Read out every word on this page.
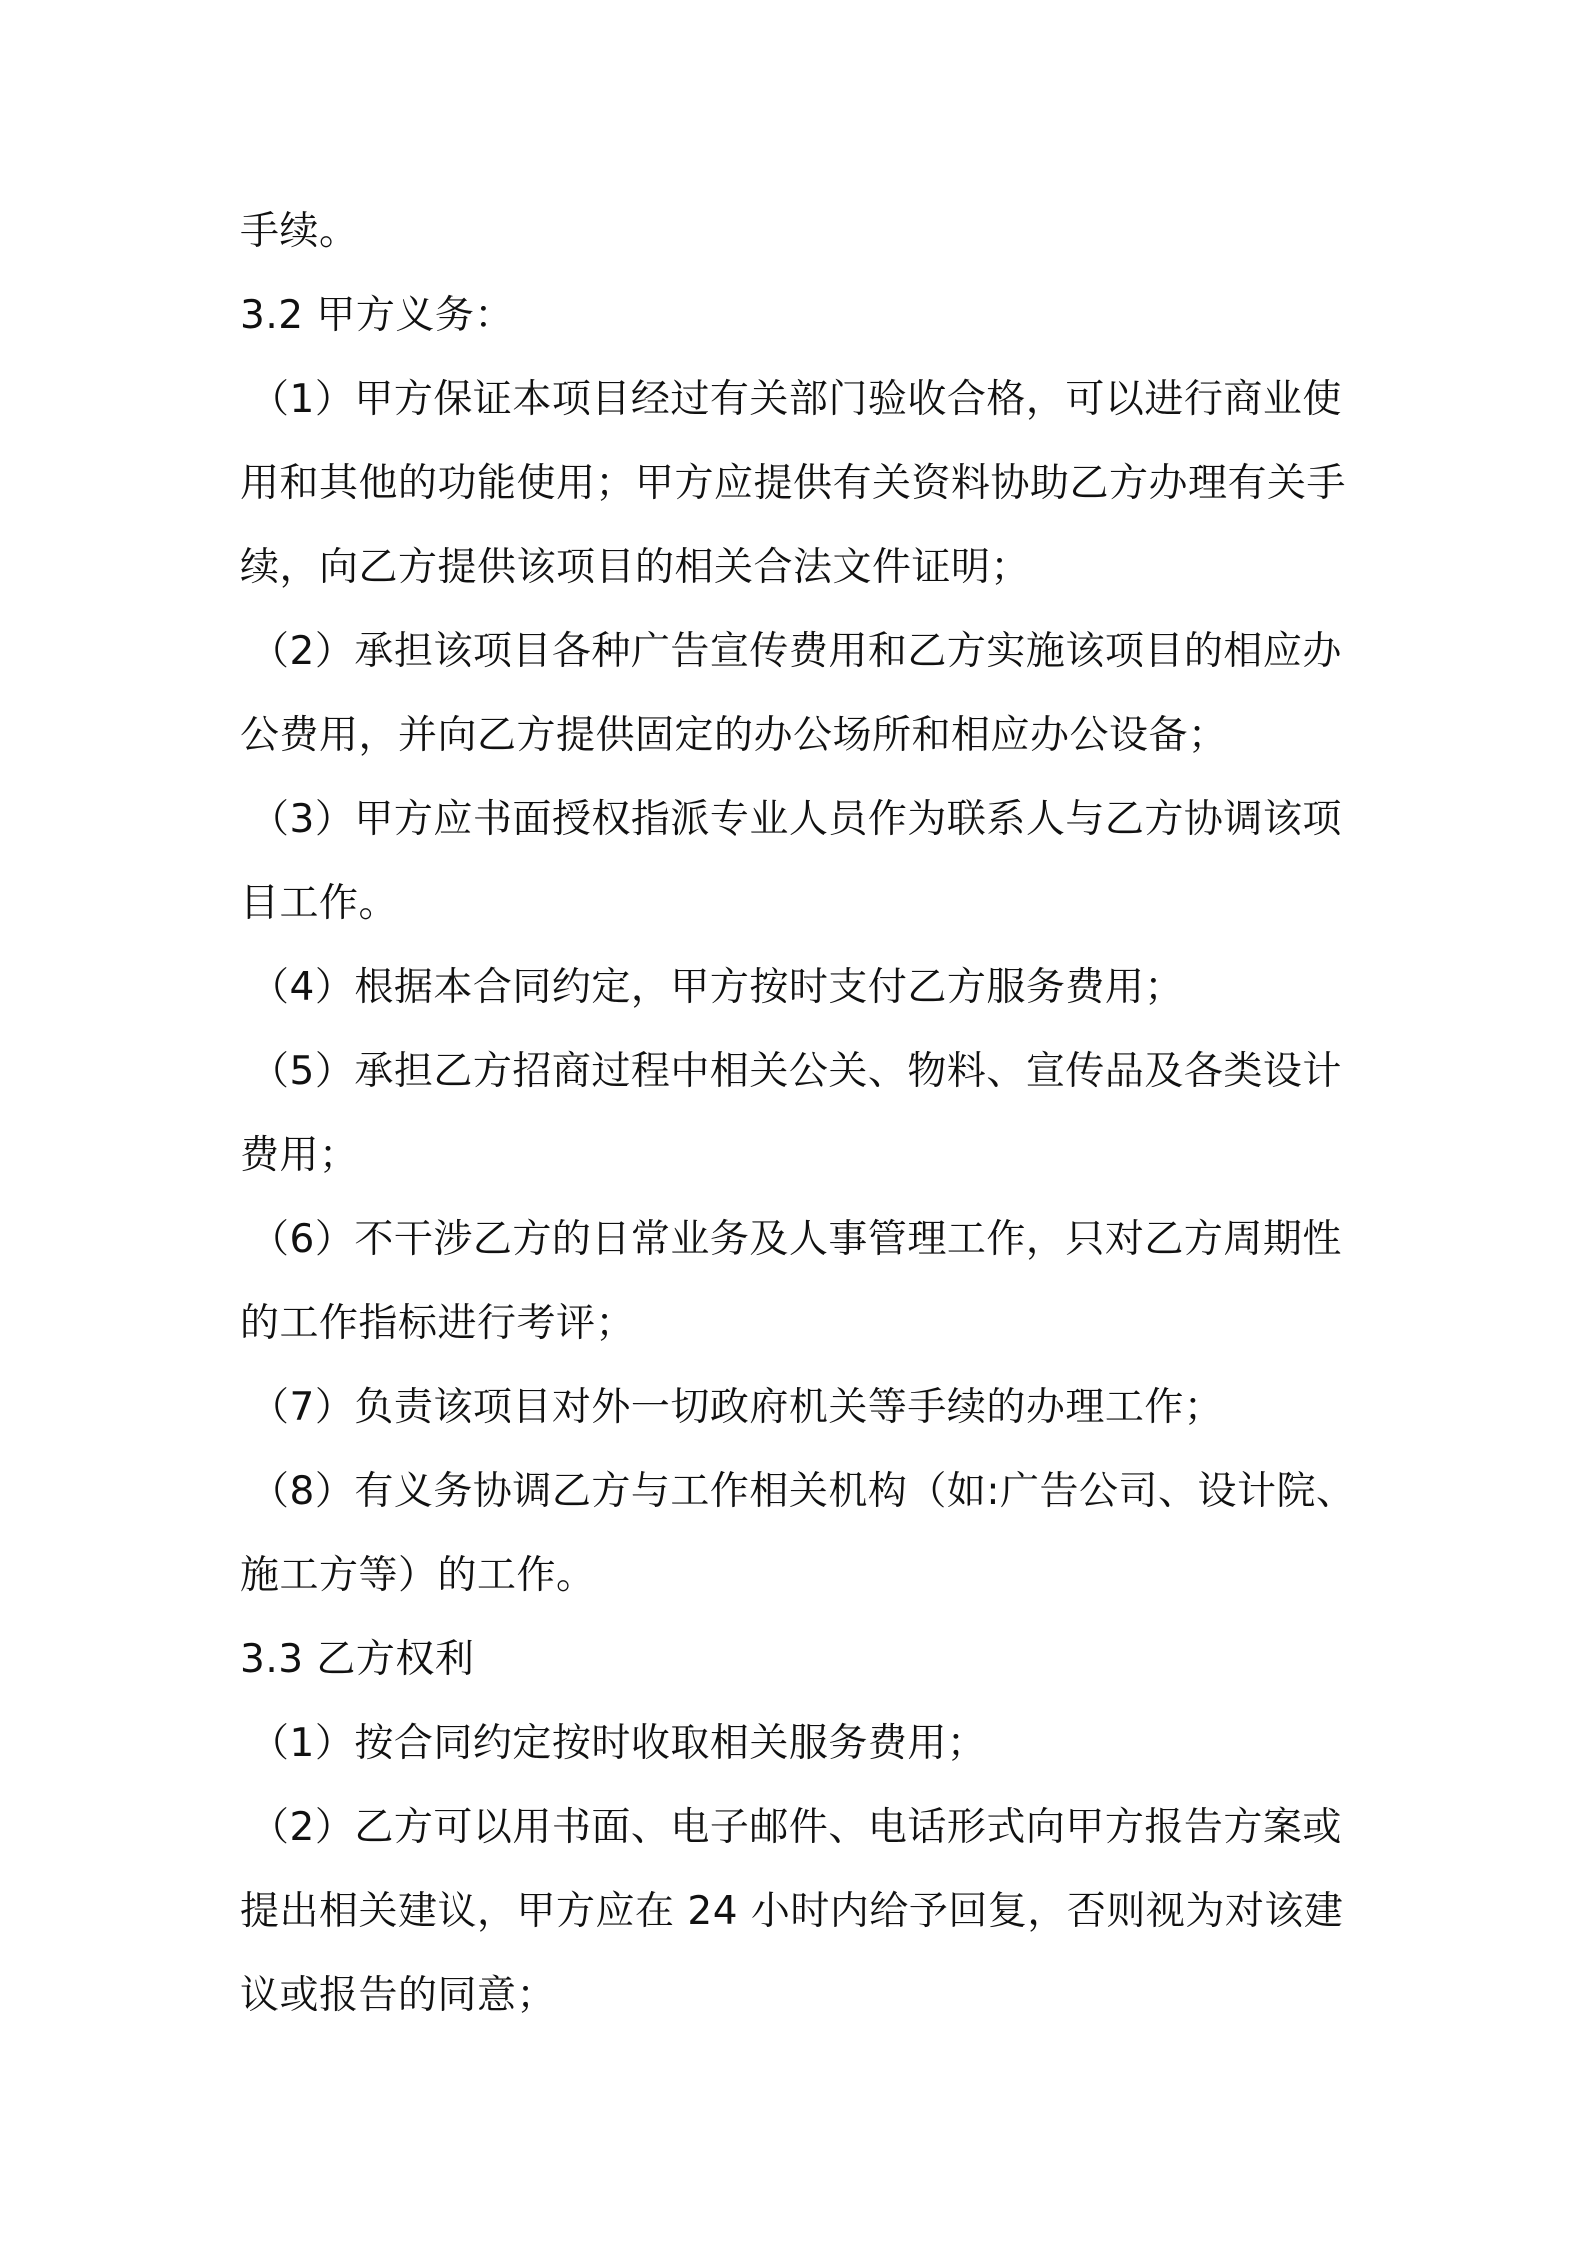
手续。
3.2 甲方义务：
（1）甲方保证本项目经过有关部门验收合格，可以进行商业使
用和其他的功能使用；甲方应提供有关资料协助乙方办理有关手
续，向乙方提供该项目的相关合法文件证明；
（2）承担该项目各种广告宣传费用和乙方实施该项目的相应办
公费用，并向乙方提供固定的办公场所和相应办公设备；
（3）甲方应书面授权指派专业人员作为联系人与乙方协调该项
目工作。
（4）根据本合同约定，甲方按时支付乙方服务费用；
（5）承担乙方招商过程中相关公关、物料、宣传品及各类设计
费用；
（6）不干涉乙方的日常业务及人事管理工作，只对乙方周期性
的工作指标进行考评；
（7）负责该项目对外一切政府机关等手续的办理工作；
（8）有义务协调乙方与工作相关机构（如:广告公司、设计院、
施工方等）的工作。
3.3 乙方权利
（1）按合同约定按时收取相关服务费用；
（2）乙方可以用书面、电子邮件、电话形式向甲方报告方案或
提出相关建议，甲方应在 24 小时内给予回复，否则视为对该建
议或报告的同意；
